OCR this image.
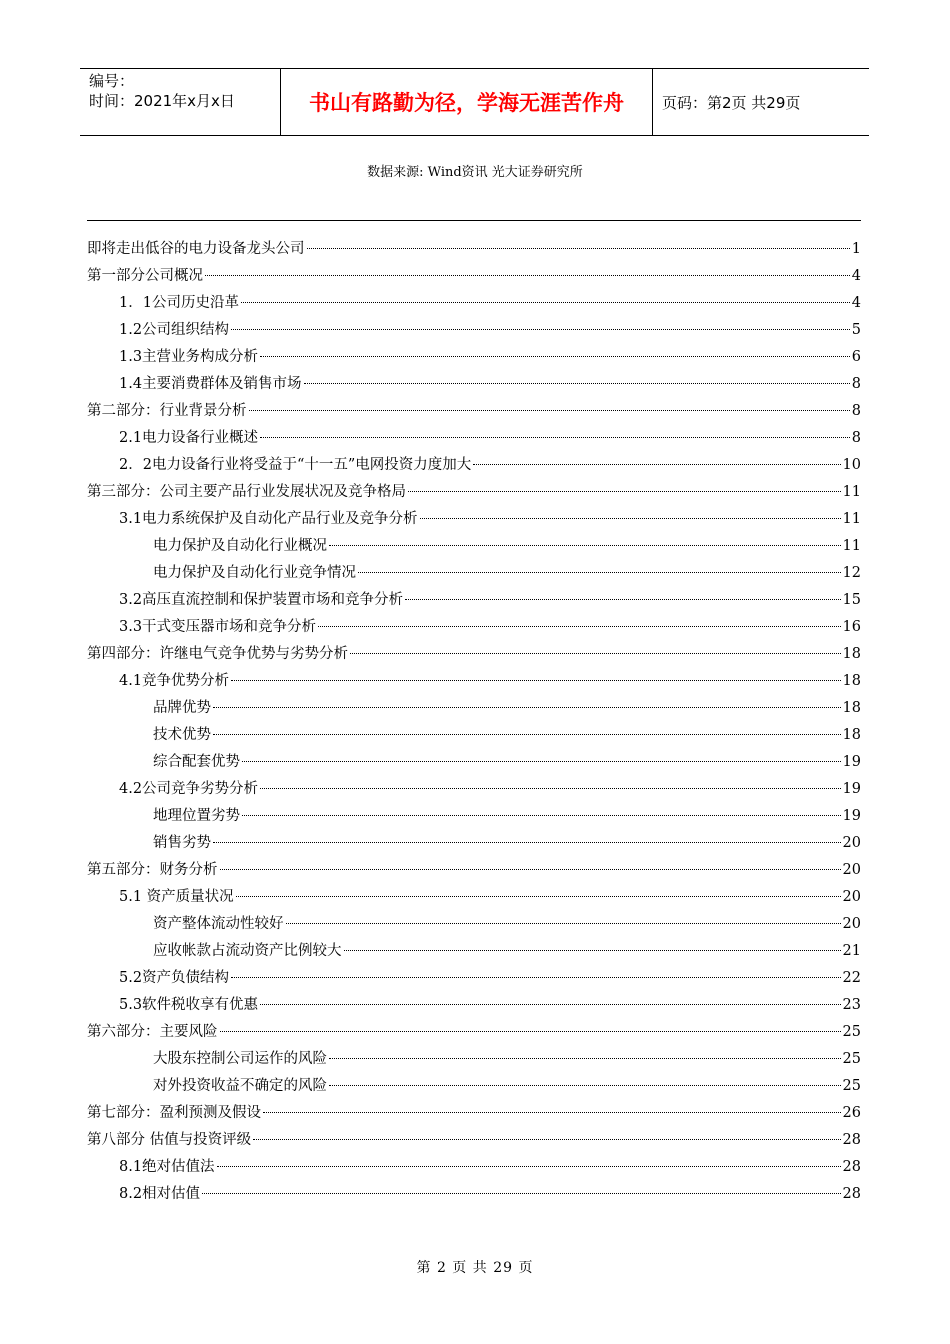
编号：
时间：2021年x月x日	书山有路勤为径，学海无涯苦作舟	页码：第2页 共29页
数据来源: Wind资讯 光大证券研究所
即将走出低谷的电力设备龙头公司	1
第一部分公司概况	4
1．1公司历史沿革	4
1.2公司组织结构	5
1.3主营业务构成分析	6
1.4主要消费群体及销售市场	8
第二部分：行业背景分析	8
2.1电力设备行业概述	8
2．2电力设备行业将受益于“十一五”电网投资力度加大	10
第三部分：公司主要产品行业发展状况及竞争格局	11
3.1电力系统保护及自动化产品行业及竞争分析	11
电力保护及自动化行业概况	11
电力保护及自动化行业竞争情况	12
3.2高压直流控制和保护装置市场和竞争分析	15
3.3干式变压器市场和竞争分析	16
第四部分：许继电气竞争优势与劣势分析	18
4.1竞争优势分析	18
品牌优势	18
技术优势	18
综合配套优势	19
4.2公司竞争劣势分析	19
地理位置劣势	19
销售劣势	20
第五部分：财务分析	20
5.1 资产质量状况	20
资产整体流动性较好	20
应收帐款占流动资产比例较大	21
5.2资产负债结构	22
5.3软件税收享有优惠	23
第六部分：主要风险	25
大股东控制公司运作的风险	25
对外投资收益不确定的风险	25
第七部分：盈利预测及假设	26
第八部分 估值与投资评级	28
8.1绝对估值法	28
8.2相对估值	28
第 2 页 共 29 页
